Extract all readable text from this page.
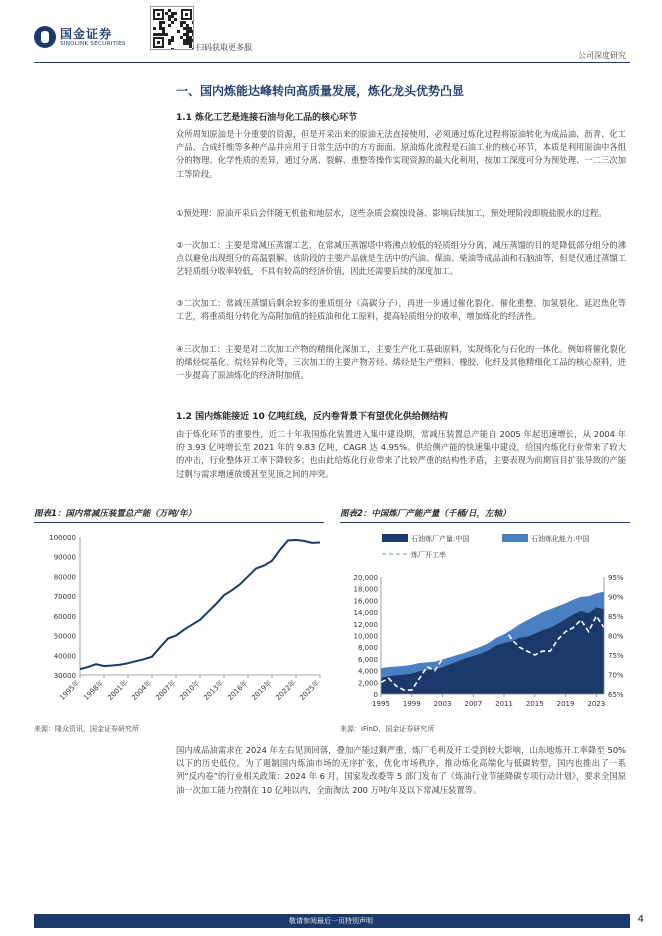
国金证券
SINOLINK SECURITIES	扫码获取更多服
公司深度研究
一、国内炼能达峰转向高质量发展，炼化龙头优势凸显
1.1 炼化工艺是连接石油与化工品的核心环节
众所周知原油是十分重要的资源，但是开采出来的原油无法直接使用，必须通过炼化过程将原油转化为成品油、沥青、化工产品、合成纤维等多种产品并应用于日常生活中的方方面面。原油炼化流程是石油工业的核心环节，本质是利用原油中各组分的物理、化学性质的差异，通过分离、裂解、重整等操作实现资源的最大化利用，按加工深度可分为预处理、一二三次加工等阶段。
①预处理：原油开采后会伴随无机盐和地层水，这些杂质会腐蚀设备、影响后续加工，预处理阶段即脱盐脱水的过程。
②一次加工：主要是常减压蒸馏工艺，在常减压蒸馏塔中将沸点较低的轻质组分分离，减压蒸馏的目的是降低部分组分的沸点以避免出现组分的高温裂解。该阶段的主要产品就是生活中的汽油、煤油、柴油等成品油和石脑油等，但是仅通过蒸馏工艺轻质组分收率较低，不具有较高的经济价值，因此还需要后续的深度加工。
③二次加工：常减压蒸馏后剩余较多的重质组分（高碳分子），再进一步通过催化裂化、催化重整、加氢裂化、延迟焦化等工艺，将重质组分转化为高附加值的轻质油和化工原料，提高轻质组分的收率，增加炼化的经济性。
④三次加工：主要是对二次加工产物的精细化深加工，主要生产化工基础原料，实现炼化与石化的一体化。例如将催化裂化的烯烃烷基化、烷烃异构化等，三次加工的主要产物芳烃、烯烃是生产塑料、橡胶、化纤及其他精细化工品的核心原料，进一步提高了原油炼化的经济附加值。
1.2 国内炼能接近 10 亿吨红线，反内卷背景下有望优化供给侧结构
由于炼化环节的重要性，近二十年我国炼化装置进入集中建设期，常减压装置总产能自 2005 年起迅速增长，从 2004 年的 3.93 亿吨增长至 2021 年的 9.83 亿吨，CAGR 达 4.95%。供给侧产能的快速集中建设，给国内炼化行业带来了较大的冲击，行业整体开工率下降较多；也由此给炼化行业带来了比较严重的结构性矛盾，主要表现为前期盲目扩张导致的产能过剩与需求增速放缓甚至见顶之间的冲突。
图表1：国内常减压装置总产能（万吨/年）
30000
40000
50000
60000
70000
80000
90000
100000
1995年 1998年 2001年 2004年 2007年 2010年 2013年 2016年 2019年 2022年 2025年
来源：隆众资讯，国金证券研究所
图表2：中国炼厂产能产量（千桶/日，左轴）
石油炼厂产量:中国	石油炼化能力:中国
炼厂开工率
0
2,000
4,000
6,000
8,000
10,000
12,000
14,000
16,000
18,000
20,000
65%
70%
75%
80%
85%
90%
95%
1995 1999 2003 2007 2011 2015 2019 2023
来源：iFinD，国金证券研究所
国内成品油需求在 2024 年左右见顶回落，叠加产能过剩严重，炼厂毛利及开工受到较大影响，山东地炼开工率降至 50%以下的历史低位。为了遏制国内炼油市场的无序扩张，优化市场秩序，推动炼化高端化与低碳转型，国内也推出了一系列“反内卷”的行业相关政策：2024 年 6 月，国家发改委等 5 部门发布了《炼油行业节能降碳专项行动计划》，要求全国原油一次加工能力控制在 10 亿吨以内，全面淘汰 200 万吨/年及以下常减压装置等。
敬请参阅最后一页特别声明	4
